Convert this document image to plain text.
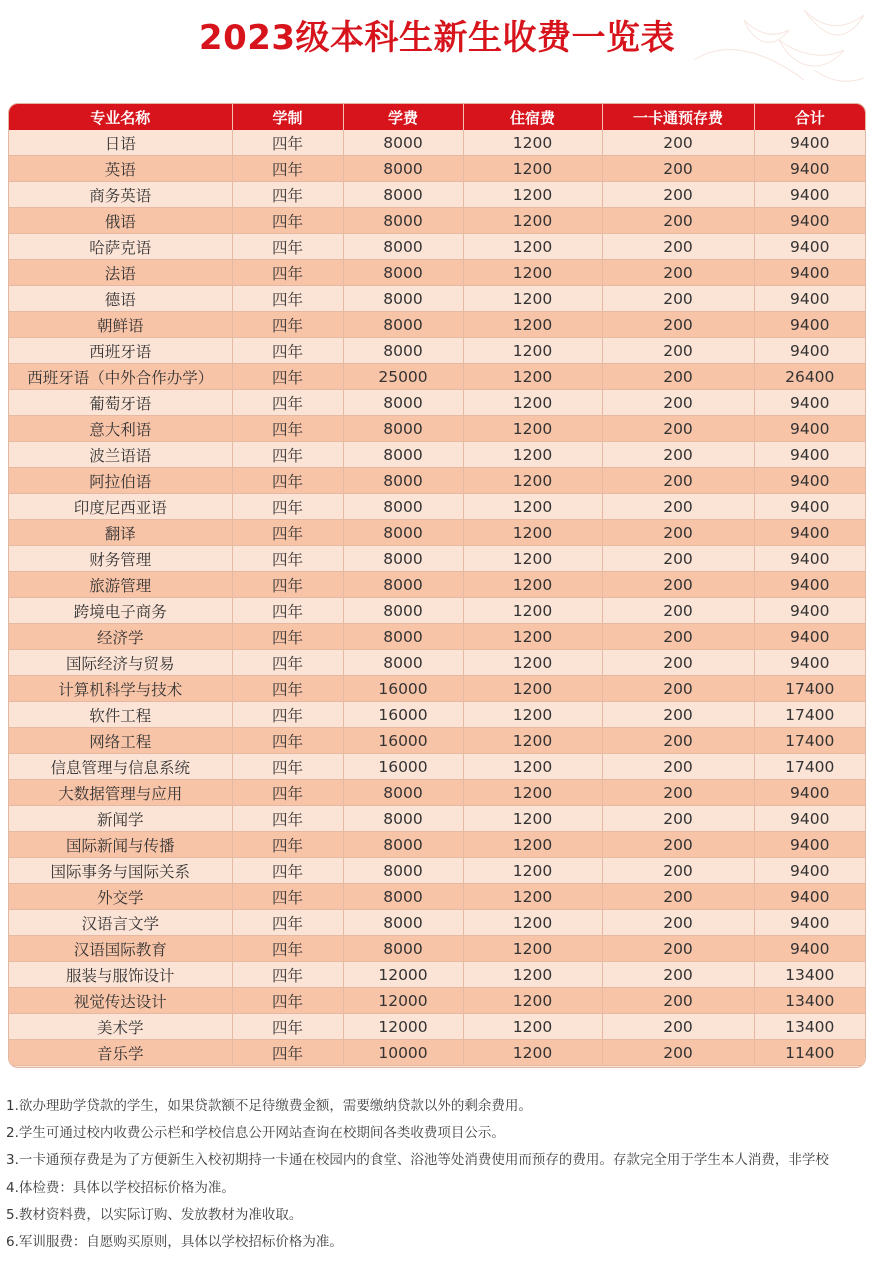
2023级本科生新生收费一览表
专业名称	学制	学费	住宿费	一卡通预存费	合计
日语	四年	8000	1200	200	9400
英语	四年	8000	1200	200	9400
商务英语	四年	8000	1200	200	9400
俄语	四年	8000	1200	200	9400
哈萨克语	四年	8000	1200	200	9400
法语	四年	8000	1200	200	9400
德语	四年	8000	1200	200	9400
朝鲜语	四年	8000	1200	200	9400
西班牙语	四年	8000	1200	200	9400
西班牙语（中外合作办学）	四年	25000	1200	200	26400
葡萄牙语	四年	8000	1200	200	9400
意大利语	四年	8000	1200	200	9400
波兰语语	四年	8000	1200	200	9400
阿拉伯语	四年	8000	1200	200	9400
印度尼西亚语	四年	8000	1200	200	9400
翻译	四年	8000	1200	200	9400
财务管理	四年	8000	1200	200	9400
旅游管理	四年	8000	1200	200	9400
跨境电子商务	四年	8000	1200	200	9400
经济学	四年	8000	1200	200	9400
国际经济与贸易	四年	8000	1200	200	9400
计算机科学与技术	四年	16000	1200	200	17400
软件工程	四年	16000	1200	200	17400
网络工程	四年	16000	1200	200	17400
信息管理与信息系统	四年	16000	1200	200	17400
大数据管理与应用	四年	8000	1200	200	9400
新闻学	四年	8000	1200	200	9400
国际新闻与传播	四年	8000	1200	200	9400
国际事务与国际关系	四年	8000	1200	200	9400
外交学	四年	8000	1200	200	9400
汉语言文学	四年	8000	1200	200	9400
汉语国际教育	四年	8000	1200	200	9400
服装与服饰设计	四年	12000	1200	200	13400
视觉传达设计	四年	12000	1200	200	13400
美术学	四年	12000	1200	200	13400
音乐学	四年	10000	1200	200	11400
1.欲办理助学贷款的学生，如果贷款额不足待缴费金额，需要缴纳贷款以外的剩余费用。
2.学生可通过校内收费公示栏和学校信息公开网站查询在校期间各类收费项目公示。
3.一卡通预存费是为了方便新生入校初期持一卡通在校园内的食堂、浴池等处消费使用而预存的费用。存款完全用于学生本人消费，非学校
4.体检费：具体以学校招标价格为准。
5.教材资料费，以实际订购、发放教材为准收取。
6.军训服费：自愿购买原则，具体以学校招标价格为准。
